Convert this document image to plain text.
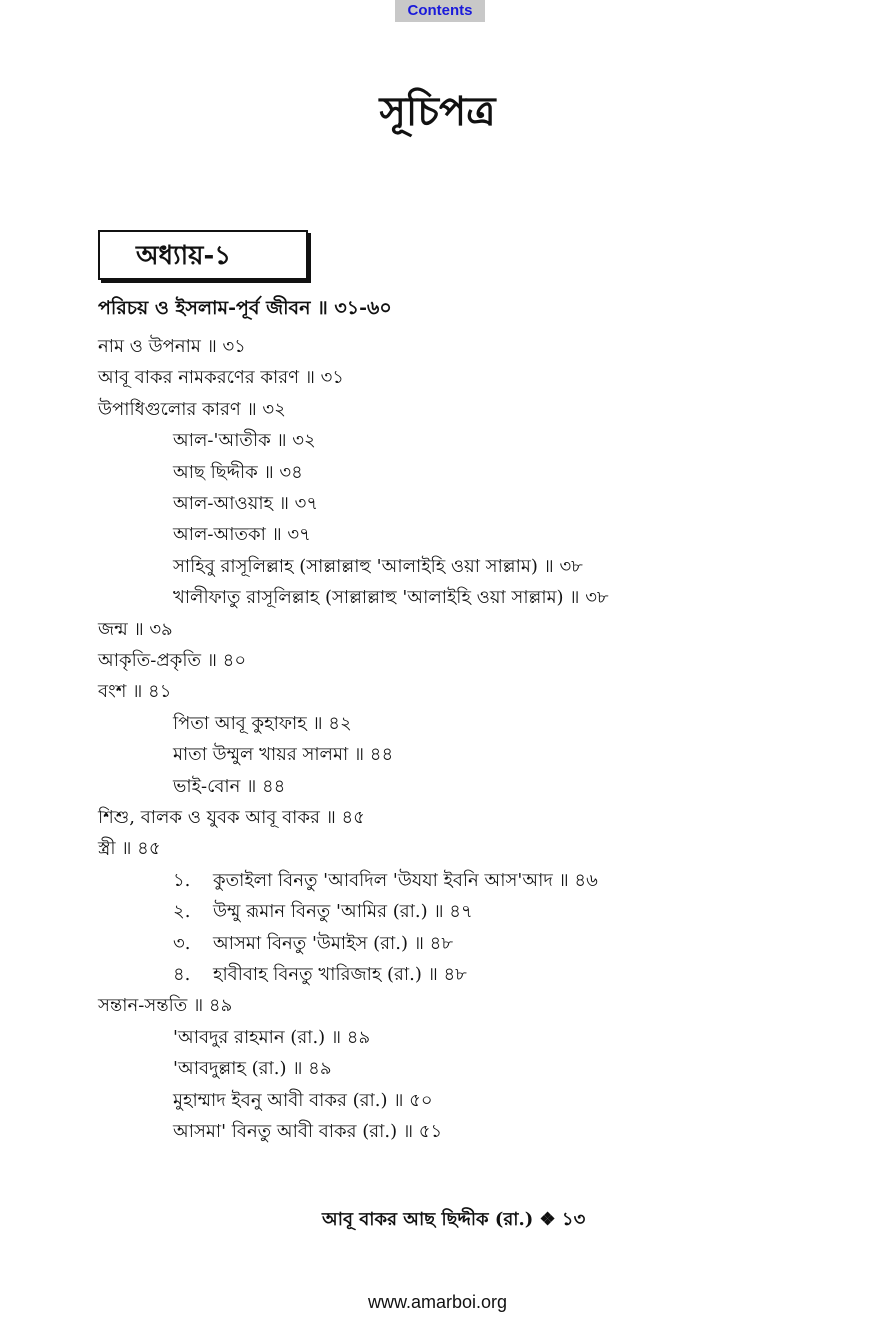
Contents
সূচিপত্র
অধ্যায়-১
পরিচয় ও ইসলাম-পূর্ব জীবন ॥ ৩১-৬০
নাম ও উপনাম ॥ ৩১
আবূ বাকর নামকরণের কারণ ॥ ৩১
উপাধিগুলোর কারণ ॥ ৩২
আল-'আতীক ॥ ৩২
আছ ছিদ্দীক ॥ ৩৪
আল-আওয়াহ ॥ ৩৭
আল-আতকা ॥ ৩৭
সাহিবু রাসূলিল্লাহ (সাল্লাল্লাহু 'আলাইহি ওয়া সাল্লাম) ॥ ৩৮
খালীফাতু রাসূলিল্লাহ (সাল্লাল্লাহু 'আলাইহি ওয়া সাল্লাম) ॥ ৩৮
জন্ম ॥ ৩৯
আকৃতি-প্রকৃতি ॥ ৪০
বংশ ॥ ৪১
পিতা আবূ কুহাফাহ ॥ ৪২
মাতা উম্মুল খায়র সালমা ॥ ৪৪
ভাই-বোন ॥ ৪৪
শিশু, বালক ও যুবক আবূ বাকর ॥ ৪৫
স্ত্রী ॥ ৪৫
১. কুতাইলা বিনতু 'আবদিল 'উযযা ইবনি আস'আদ ॥ ৪৬
২. উম্মু রূমান বিনতু 'আমির (রা.) ॥ ৪৭
৩. আসমা বিনতু 'উমাইস (রা.) ॥ ৪৮
৪. হাবীবাহ বিনতু খারিজাহ (রা.) ॥ ৪৮
সন্তান-সন্ততি ॥ ৪৯
'আবদুর রাহমান (রা.) ॥ ৪৯
'আবদুল্লাহ (রা.) ॥ ৪৯
মুহাম্মাদ ইবনু আবী বাকর (রা.) ॥ ৫০
আসমা' বিনতু আবী বাকর (রা.) ॥ ৫১
আবূ বাকর আছ ছিদ্দীক (রা.) ❖ ১৩
www.amarboi.org
